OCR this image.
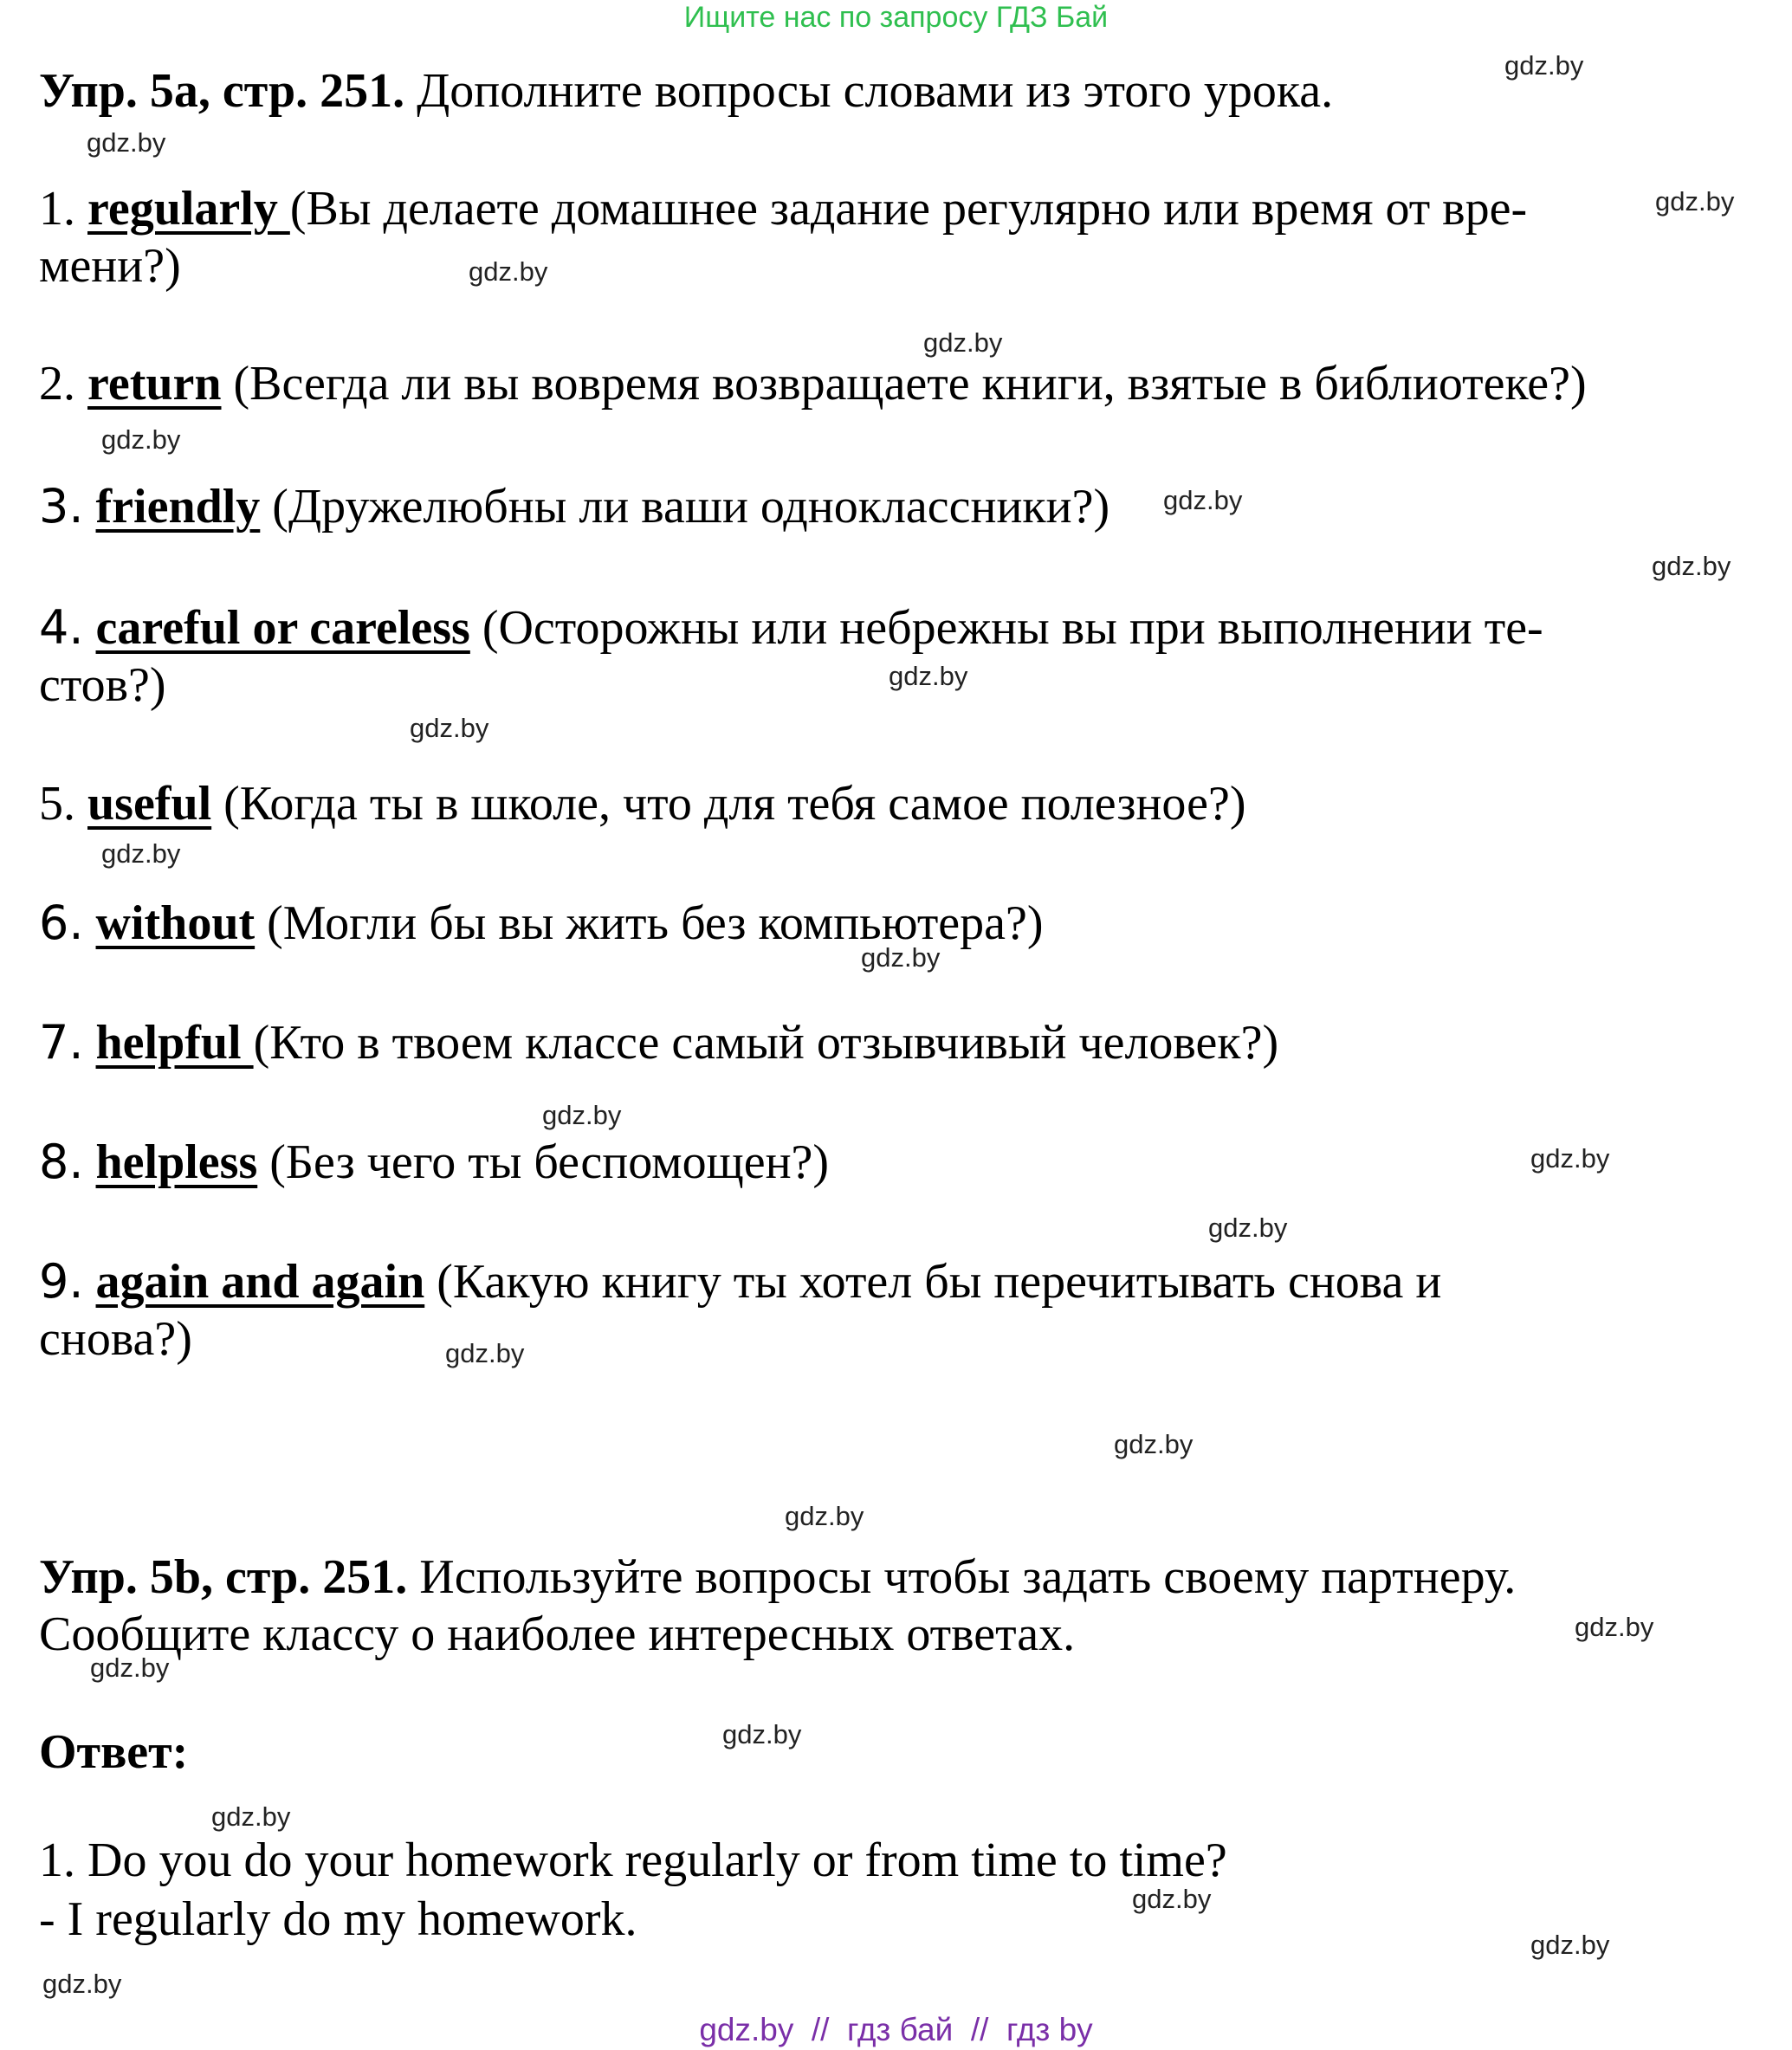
Ищите нас по запросу ГДЗ Бай
Упр. 5а, стр. 251. Дополните вопросы словами из этого урока.
1. regularly (Вы делаете домашнее задание регулярно или время от вре-
мени?)
2. return (Всегда ли вы вовремя возвращаете книги, взятые в библиотеке?)
3. friendly (Дружелюбны ли ваши одноклассники?)
4. careful or careless (Осторожны или небрежны вы при выполнении те-
стов?)
5. useful (Когда ты в школе, что для тебя самое полезное?)
6. without (Могли бы вы жить без компьютера?)
7. helpful (Кто в твоем классе самый отзывчивый человек?)
8. helpless (Без чего ты беспомощен?)
9. again and again (Какую книгу ты хотел бы перечитывать снова и
снова?)
Упр. 5b, стр. 251. Используйте вопросы чтобы задать своему партнеру.
Сообщите классу о наиболее интересных ответах.
Ответ:
1. Do you do your homework regularly or from time to time?
- I regularly do my homework.
gdz.by
gdz.by
gdz.by
gdz.by
gdz.by
gdz.by
gdz.by
gdz.by
gdz.by
gdz.by
gdz.by
gdz.by
gdz.by
gdz.by
gdz.by
gdz.by
gdz.by
gdz.by
gdz.by
gdz.by
gdz.by
gdz.by
gdz.by
gdz.by
gdz.by
gdz.by  //  гдз бай  //  гдз by
